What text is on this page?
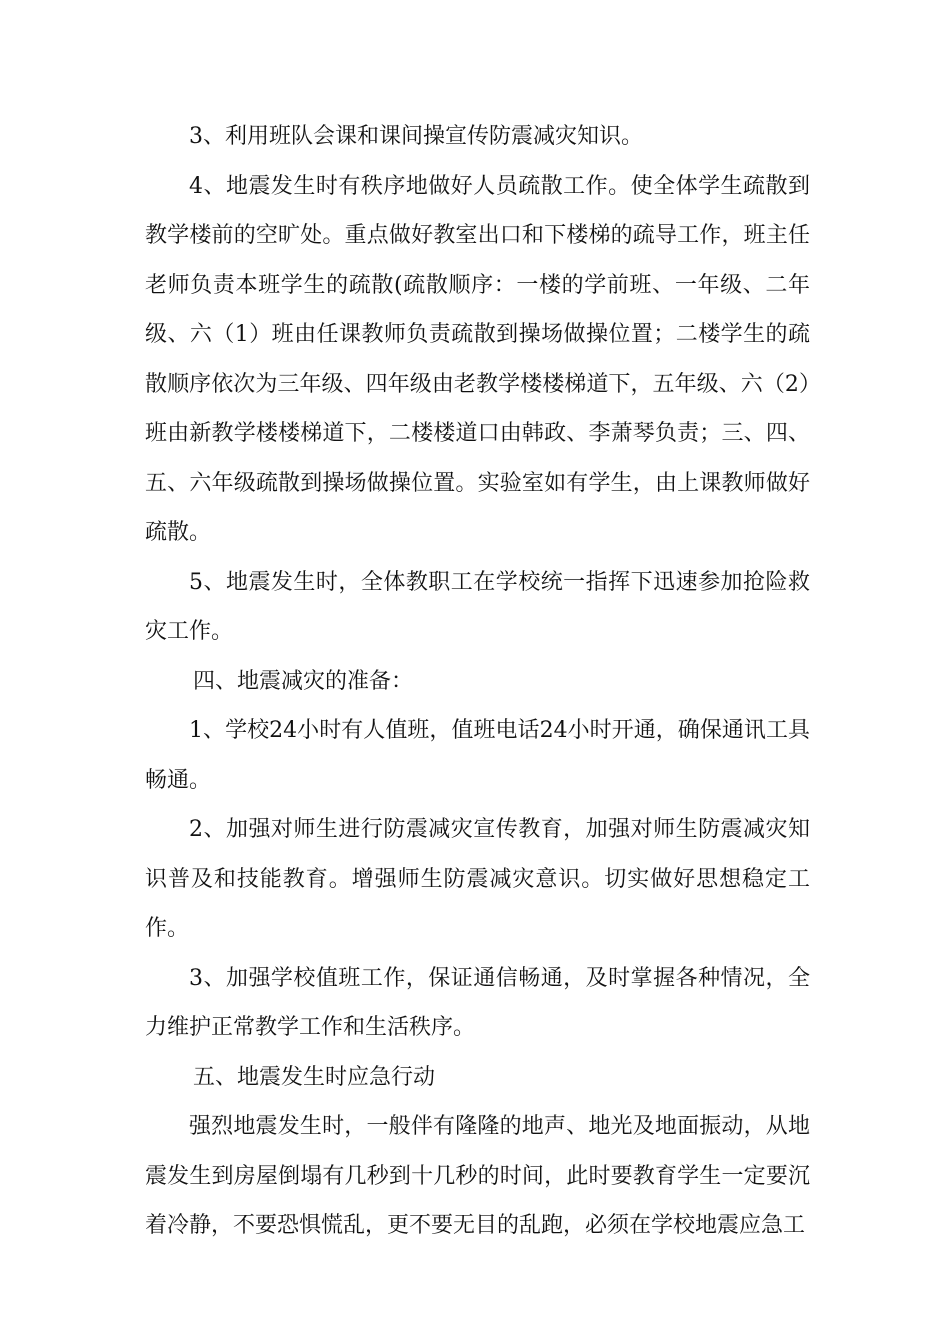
3、利用班队会课和课间操宣传防震减灾知识。

4、地震发生时有秩序地做好人员疏散工作。使全体学生疏散到教学楼前的空旷处。重点做好教室出口和下楼梯的疏导工作，班主任老师负责本班学生的疏散(疏散顺序：一楼的学前班、一年级、二年级、六（1）班由任课教师负责疏散到操场做操位置；二楼学生的疏散顺序依次为三年级、四年级由老教学楼楼梯道下，五年级、六（2）班由新教学楼楼梯道下，二楼楼道口由韩政、李萧琴负责；三、四、五、六年级疏散到操场做操位置。实验室如有学生，由上课教师做好疏散。

5、地震发生时，全体教职工在学校统一指挥下迅速参加抢险救灾工作。

四、地震减灾的准备：

1、学校24小时有人值班，值班电话24小时开通，确保通讯工具畅通。

2、加强对师生进行防震减灾宣传教育，加强对师生防震减灾知识普及和技能教育。增强师生防震减灾意识。切实做好思想稳定工作。

3、加强学校值班工作，保证通信畅通，及时掌握各种情况，全力维护正常教学工作和生活秩序。

五、地震发生时应急行动

强烈地震发生时，一般伴有隆隆的地声、地光及地面振动，从地震发生到房屋倒塌有几秒到十几秒的时间，此时要教育学生一定要沉着冷静，不要恐惧慌乱，更不要无目的乱跑，必须在学校地震应急工
